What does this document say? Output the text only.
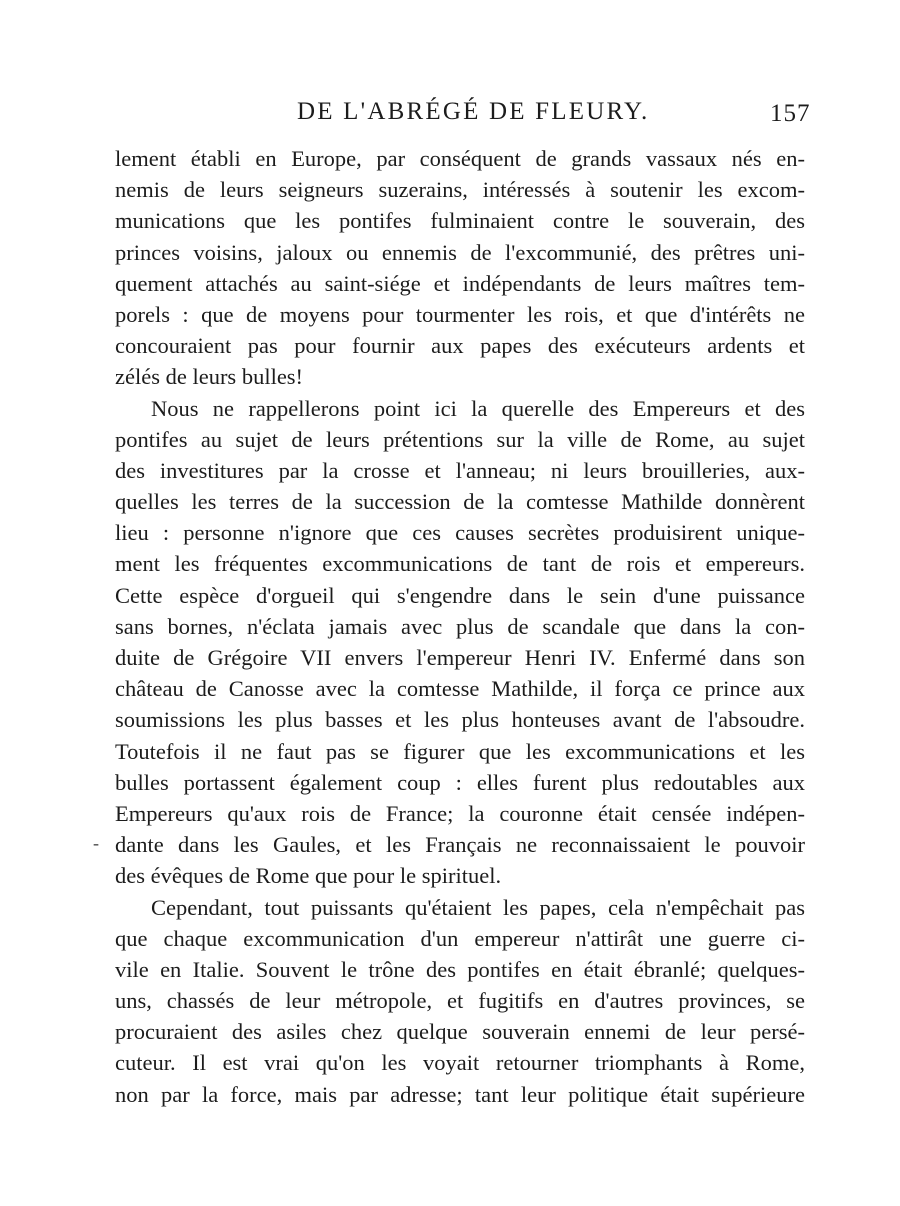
DE L'ABRÉGÉ DE FLEURY.	157
-
lement établi en Europe, par conséquent de grands vassaux nés en-
nemis de leurs seigneurs suzerains, intéressés à soutenir les excom-
munications que les pontifes fulminaient contre le souverain, des
princes voisins, jaloux ou ennemis de l'excommunié, des prêtres uni-
quement attachés au saint-siége et indépendants de leurs maîtres tem-
porels : que de moyens pour tourmenter les rois, et que d'intérêts ne
concouraient pas pour fournir aux papes des exécuteurs ardents et
zélés de leurs bulles!
Nous ne rappellerons point ici la querelle des Empereurs et des
pontifes au sujet de leurs prétentions sur la ville de Rome, au sujet
des investitures par la crosse et l'anneau; ni leurs brouilleries, aux-
quelles les terres de la succession de la comtesse Mathilde donnèrent
lieu : personne n'ignore que ces causes secrètes produisirent unique-
ment les fréquentes excommunications de tant de rois et empereurs.
Cette espèce d'orgueil qui s'engendre dans le sein d'une puissance
sans bornes, n'éclata jamais avec plus de scandale que dans la con-
duite de Grégoire VII envers l'empereur Henri IV. Enfermé dans son
château de Canosse avec la comtesse Mathilde, il força ce prince aux
soumissions les plus basses et les plus honteuses avant de l'absoudre.
Toutefois il ne faut pas se figurer que les excommunications et les
bulles portassent également coup : elles furent plus redoutables aux
Empereurs qu'aux rois de France; la couronne était censée indépen-
dante dans les Gaules, et les Français ne reconnaissaient le pouvoir
des évêques de Rome que pour le spirituel.
Cependant, tout puissants qu'étaient les papes, cela n'empêchait pas
que chaque excommunication d'un empereur n'attirât une guerre ci-
vile en Italie. Souvent le trône des pontifes en était ébranlé; quelques-
uns, chassés de leur métropole, et fugitifs en d'autres provinces, se
procuraient des asiles chez quelque souverain ennemi de leur persé-
cuteur. Il est vrai qu'on les voyait retourner triomphants à Rome,
non par la force, mais par adresse; tant leur politique était supérieure
